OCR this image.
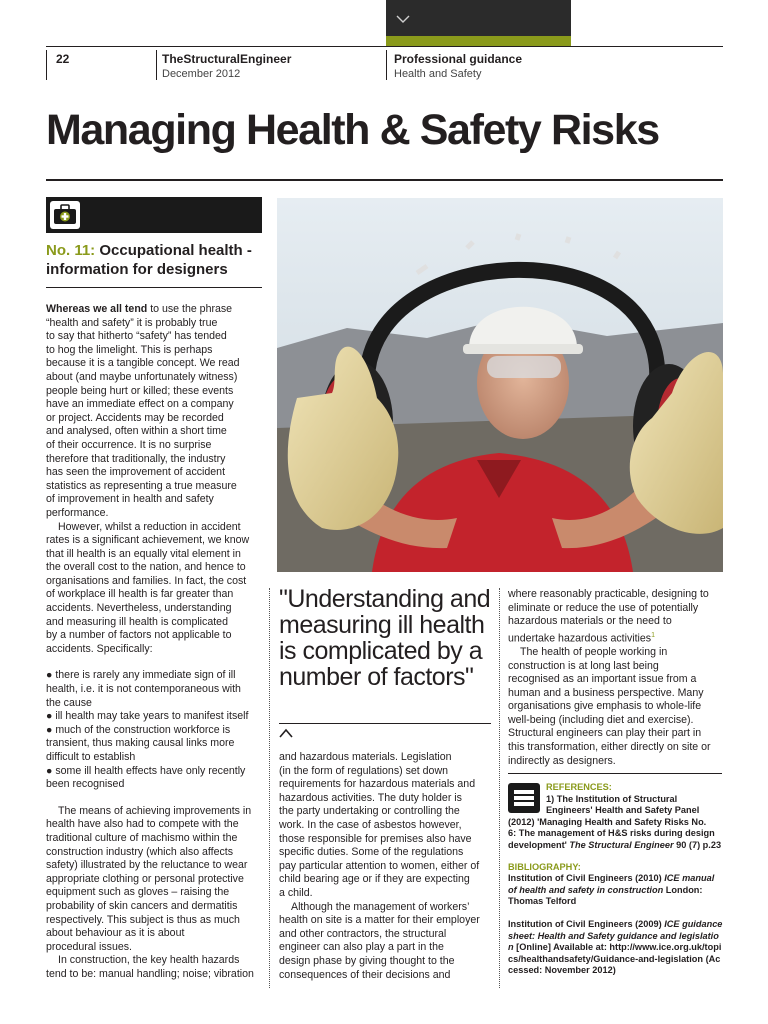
22	TheStructuralEngineer
December 2012
Professional guidance
Health and Safety
Managing Health & Safety Risks
No. 11: Occupational health - information for designers

Whereas we all tend to use the phrase
“health and safety” it is probably true
to say that hitherto “safety” has tended
to hog the limelight. This is perhaps
because it is a tangible concept. We read
about (and maybe unfortunately witness)
people being hurt or killed; these events
have an immediate effect on a company
or project. Accidents may be recorded
and analysed, often within a short time
of their occurrence. It is no surprise
therefore that traditionally, the industry
has seen the improvement of accident
statistics as representing a true measure
of improvement in health and safety
performance.

However, whilst a reduction in accident
rates is a significant achievement, we know
that ill health is an equally vital element in
the overall cost to the nation, and hence to
organisations and families. In fact, the cost
of workplace ill health is far greater than
accidents. Nevertheless, understanding
and measuring ill health is complicated
by a number of factors not applicable to
accidents. Specifically:

● there is rarely any immediate sign of ill
health, i.e. it is not contemporaneous with
the cause
● ill health may take years to manifest itself
● much of the construction workforce is
transient, thus making causal links more
difficult to establish
● some ill health effects have only recently
been recognised

The means of achieving improvements in
health have also had to compete with the
traditional culture of machismo within the
construction industry (which also affects
safety) illustrated by the reluctance to wear
appropriate clothing or personal protective
equipment such as gloves – raising the
probability of skin cancers and dermatitis
respectively. This subject is thus as much
about behaviour as it is about
procedural issues.

In construction, the key health hazards
tend to be: manual handling; noise; vibration

"Understanding and measuring ill health is complicated by a number of factors"

and hazardous materials. Legislation
(in the form of regulations) set down
requirements for hazardous materials and
hazardous activities. The duty holder is
the party undertaking or controlling the
work. In the case of asbestos however,
those responsible for premises also have
specific duties. Some of the regulations
pay particular attention to women, either of
child bearing age or if they are expecting
a child.

Although the management of workers’
health on site is a matter for their employer
and other contractors, the structural
engineer can also play a part in the
design phase by giving thought to the
consequences of their decisions and

where reasonably practicable, designing to
eliminate or reduce the use of potentially
hazardous materials or the need to
undertake hazardous activities$^1$

The health of people working in
construction is at long last being
recognised as an important issue from a
human and a business perspective. Many
organisations give emphasis to whole-life
well-being (including diet and exercise).
Structural engineers can play their part in
this transformation, either directly on site or
indirectly as designers.

REFERENCES:

1) The Institution of Structural

Engineers' Health and Safety Panel

(2012) 'Managing Health and Safety Risks No.

6: The management of H&S risks during design

development' The Structural Engineer 90 (7) p.23

BIBLIOGRAPHY:

Institution of Civil Engineers (2010) ICE manual of health and safety in construction London: Thomas Telford

Institution of Civil Engineers (2009) ICE guidance sheet: Health and Safety guidance and legislation [Online] Available at: http://www.ice.org.uk/topics/healthandsafety/Guidance-and-legislation (Accessed: November 2012)
